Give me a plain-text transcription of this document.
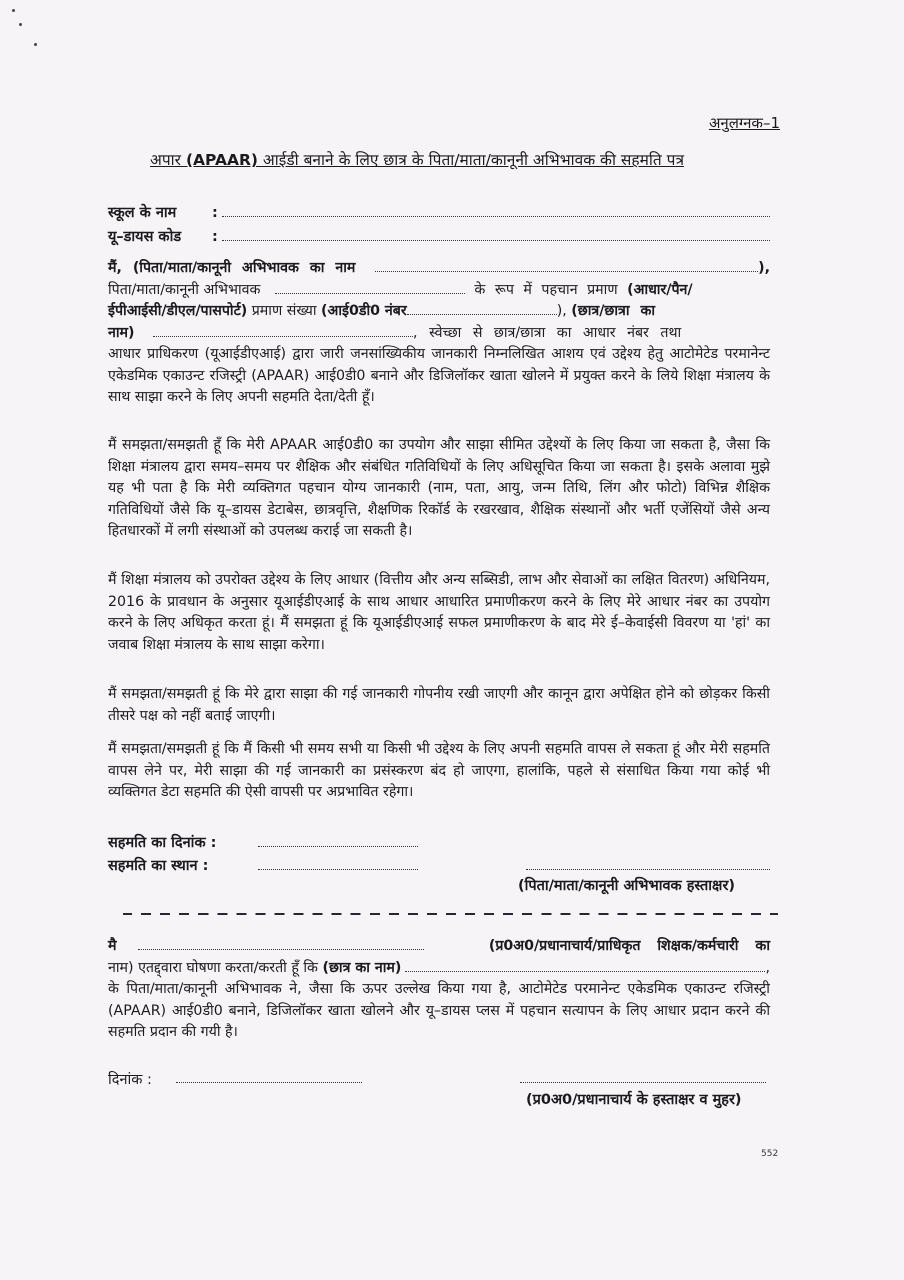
अनुलग्नक–1
अपार (APAAR) आईडी बनाने के लिए छात्र के पिता/माता/कानूनी अभिभावक की सहमति पत्र
स्कूल के नाम	:
यू–डायस कोड	:
मैं, (पिता/माता/कानूनी अभिभावक का नाम	),
पिता/माता/कानूनी अभिभावक	के रूप में पहचान प्रमाण (आधार/पैन/
ईपीआईसी/डीएल/पासपोर्ट) प्रमाण संख्या (आई0डी0 नंबर	), (छात्र/छात्रा का
नाम)	, स्वेच्छा से छात्र/छात्रा का आधार नंबर तथा
आधार प्राधिकरण (यूआईडीएआई) द्वारा जारी जनसांख्यिकीय जानकारी निम्नलिखित आशय एवं उद्देश्य हेतु आटोमेटेड परमानेन्ट एकेडमिक एकाउन्ट रजिस्ट्री (APAAR) आई0डी0 बनाने और डिजिलॉकर खाता खोलने में प्रयुक्त करने के लिये शिक्षा मंत्रालय के साथ साझा करने के लिए अपनी सहमति देता/देती हूँ।
मैं समझता/समझती हूँ कि मेरी APAAR आई0डी0 का उपयोग और साझा सीमित उद्देश्यों के लिए किया जा सकता है, जैसा कि शिक्षा मंत्रालय द्वारा समय–समय पर शैक्षिक और संबंधित गतिविधियों के लिए अधिसूचित किया जा सकता है। इसके अलावा मुझे यह भी पता है कि मेरी व्यक्तिगत पहचान योग्य जानकारी (नाम, पता, आयु, जन्म तिथि, लिंग और फोटो) विभिन्न शैक्षिक गतिविधियों जैसे कि यू–डायस डेटाबेस, छात्रवृत्ति, शैक्षणिक रिकॉर्ड के रखरखाव, शैक्षिक संस्थानों और भर्ती एजेंसियों जैसे अन्य हितधारकों में लगी संस्थाओं को उपलब्ध कराई जा सकती है।
मैं शिक्षा मंत्रालय को उपरोक्त उद्देश्य के लिए आधार (वित्तीय और अन्य सब्सिडी, लाभ और सेवाओं का लक्षित वितरण) अधिनियम, 2016 के प्रावधान के अनुसार यूआईडीएआई के साथ आधार आधारित प्रमाणीकरण करने के लिए मेरे आधार नंबर का उपयोग करने के लिए अधिकृत करता हूं। मैं समझता हूं कि यूआईडीएआई सफल प्रमाणीकरण के बाद मेरे ई–केवाईसी विवरण या 'हां' का जवाब शिक्षा मंत्रालय के साथ साझा करेगा।
मैं समझता/समझती हूं कि मेरे द्वारा साझा की गई जानकारी गोपनीय रखी जाएगी और कानून द्वारा अपेक्षित होने को छोड़कर किसी तीसरे पक्ष को नहीं बताई जाएगी।
मैं समझता/समझती हूं कि मैं किसी भी समय सभी या किसी भी उद्देश्य के लिए अपनी सहमति वापस ले सकता हूं और मेरी सहमति वापस लेने पर, मेरी साझा की गई जानकारी का प्रसंस्करण बंद हो जाएगा, हालांकि, पहले से संसाधित किया गया कोई भी व्यक्तिगत डेटा सहमति की ऐसी वापसी पर अप्रभावित रहेगा।
सहमति का दिनांक :
सहमति का स्थान :
(पिता/माता/कानूनी अभिभावक हस्ताक्षर)
मै	(प्र0अ0/प्रधानाचार्य/प्राधिकृत शिक्षक/कर्मचारी का
नाम) एतद्द्वारा घोषणा करता/करती हूँ कि (छात्र का नाम)	,
के पिता/माता/कानूनी अभिभावक ने, जैसा कि ऊपर उल्लेख किया गया है, आटोमेटेड परमानेन्ट एकेडमिक एकाउन्ट रजिस्ट्री (APAAR) आई0डी0 बनाने, डिजिलॉकर खाता खोलने और यू–डायस प्लस में पहचान सत्यापन के लिए आधार प्रदान करने की सहमति प्रदान की गयी है।
दिनांक :
(प्र0अ0/प्रधानाचार्य के हस्ताक्षर व मुहर)
552
